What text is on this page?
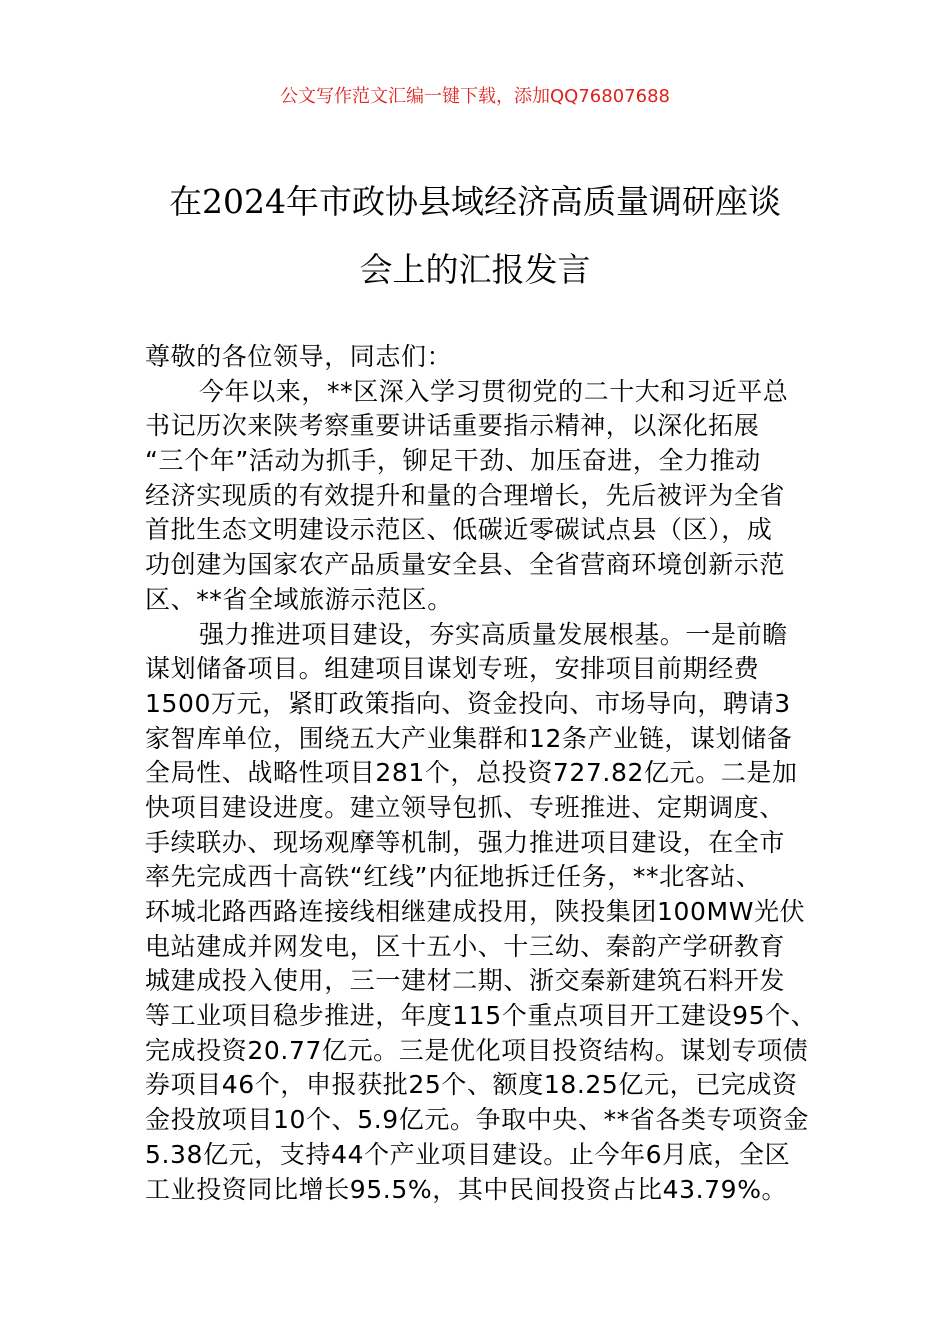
公文写作范文汇编一键下载，添加QQ76807688
在2024年市政协县域经济高质量调研座谈
会上的汇报发言
尊敬的各位领导，同志们：
今年以来，**区深入学习贯彻党的二十大和习近平总
书记历次来陕考察重要讲话重要指示精神，以深化拓展
“三个年”活动为抓手，铆足干劲、加压奋进，全力推动
经济实现质的有效提升和量的合理增长，先后被评为全省
首批生态文明建设示范区、低碳近零碳试点县（区），成
功创建为国家农产品质量安全县、全省营商环境创新示范
区、**省全域旅游示范区。
强力推进项目建设，夯实高质量发展根基。一是前瞻
谋划储备项目。组建项目谋划专班，安排项目前期经费
1500万元，紧盯政策指向、资金投向、市场导向，聘请3
家智库单位，围绕五大产业集群和12条产业链，谋划储备
全局性、战略性项目281个，总投资727.82亿元。二是加
快项目建设进度。建立领导包抓、专班推进、定期调度、
手续联办、现场观摩等机制，强力推进项目建设，在全市
率先完成西十高铁“红线”内征地拆迁任务，**北客站、
环城北路西路连接线相继建成投用，陕投集团100MW光伏
电站建成并网发电，区十五小、十三幼、秦韵产学研教育
城建成投入使用，三一建材二期、浙交秦新建筑石料开发
等工业项目稳步推进，年度115个重点项目开工建设95个、
完成投资20.77亿元。三是优化项目投资结构。谋划专项债
券项目46个，申报获批25个、额度18.25亿元，已完成资
金投放项目10个、5.9亿元。争取中央、**省各类专项资金
5.38亿元，支持44个产业项目建设。止今年6月底，全区
工业投资同比增长95.5%，其中民间投资占比43.79%。
